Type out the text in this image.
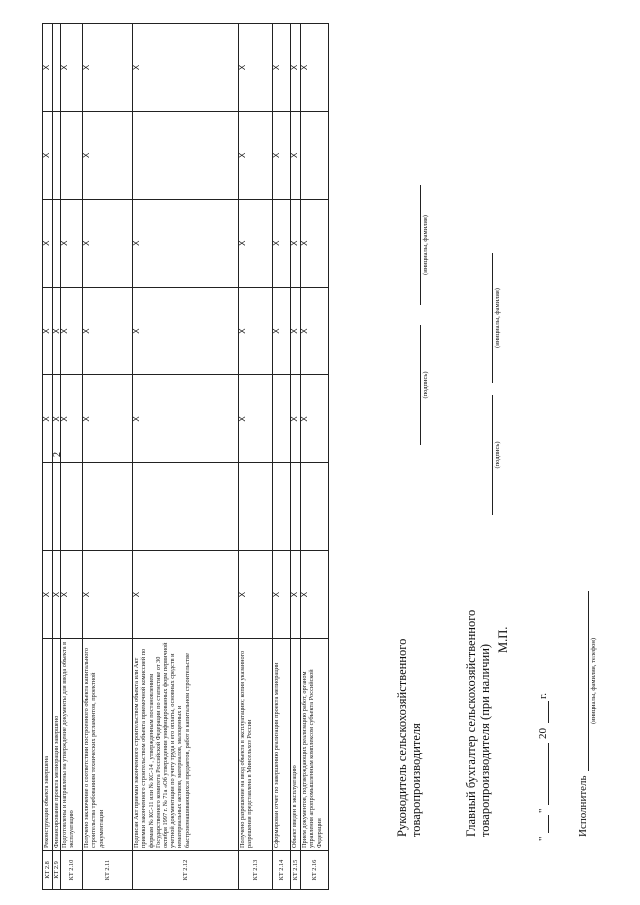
2
КТ 2.8	Реконструкция объекта завершена	X		X	X	X	X	X
КТ 2.9	Финансирование проекта мелиорации завершено	X		X	X			
КТ 2.10	Подготовлены и направлены на утверждение документы для ввода объекта в эксплуатацию	X		X	X	X		X
КТ 2.11	Получено заключение о соответствии построенного объекта капитального строительства требованиям технических регламентов, проектной документации	X		X	X	X	X	X
КТ 2.12	Подписан Акт приемки законченного строительством объекта или Акт приемки законченного строительством объекта приемочной комиссией по формам № КС-11 или № КС-14 , утвержденным постановлением Государственного комитета Российской Федерации по статистике от 30 октября 1997 г. № 71а «Об утверждении унифицированных форм первичной учетной документации по учету труда и его оплаты, основных средств и нематериальных активов, материалов, малоценных и быстроизнашивающихся предметов, работ в капитальном строительстве	X		X	X	X		X
КТ 2.13	Получено разрешение на ввод объекта в эксплуатацию; копия указанного разрешения представлена в Минсельхоз России	X		X	X	X	X	X
КТ 2.14	Сформирован отчет по завершению реализации проекта мелиорации	X			X	X	X	X
КТ 2.15	Объект введен в эксплуатацию	X		X	X	X	X	X
КТ 2.16	Прием документов, подтверждающих реализацию работ, органом управления агропромышленным комплексом субъекта Российской Федерации	X		X	X	X		X
Руководитель сельскохозяйственного товаропроизводителя
(подпись)
(инициалы, фамилия)
Главный бухгалтер сельскохозяйственного товаропроизводителя (при наличии)
(подпись)
(инициалы, фамилия)
М.П.
"
"
20
г.
Исполнитель
(инициалы, фамилия, телефон)
